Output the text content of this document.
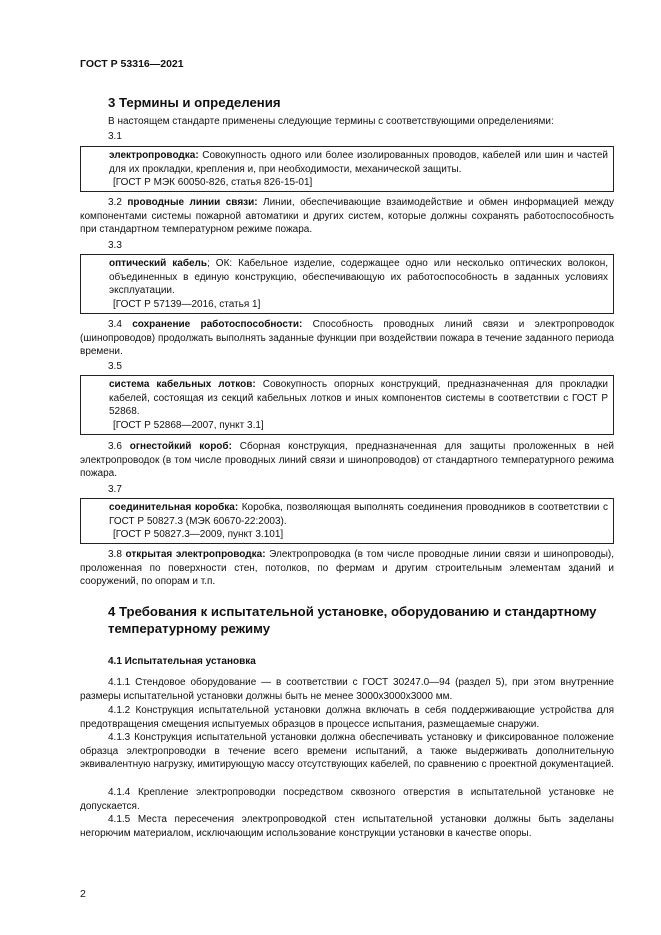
ГОСТ Р 53316—2021
3 Термины и определения
В настоящем стандарте применены следующие термины с соответствующими определениями:
3.1
электропроводка: Совокупность одного или более изолированных проводов, кабелей или шин и частей для их прокладки, крепления и, при необходимости, механической защиты.
[ГОСТ Р МЭК 60050-826, статья 826-15-01]

3.2 проводные линии связи: Линии, обеспечивающие взаимодействие и обмен информацией между компонентами системы пожарной автоматики и других систем, которые должны сохранять работоспособность при стандартном температурном режиме пожара.

3.3
оптический кабель; ОК: Кабельное изделие, содержащее одно или несколько оптических волокон, объединенных в единую конструкцию, обеспечивающую их работоспособность в заданных условиях эксплуатации.
[ГОСТ Р 57139—2016, статья 1]

3.4 сохранение работоспособности: Способность проводных линий связи и электропроводок (шинопроводов) продолжать выполнять заданные функции при воздействии пожара в течение заданного периода времени.

3.5
система кабельных лотков: Совокупность опорных конструкций, предназначенная для прокладки кабелей, состоящая из секций кабельных лотков и иных компонентов системы в соответствии с ГОСТ Р 52868.
[ГОСТ Р 52868—2007, пункт 3.1]

3.6 огнестойкий короб: Сборная конструкция, предназначенная для защиты проложенных в ней электропроводок (в том числе проводных линий связи и шинопроводов) от стандартного температурного режима пожара.

3.7
соединительная коробка: Коробка, позволяющая выполнять соединения проводников в соответствии с ГОСТ Р 50827.3 (МЭК 60670-22:2003).
[ГОСТ Р 50827.3—2009, пункт 3.101]

3.8 открытая электропроводка: Электропроводка (в том числе проводные линии связи и шинопроводы), проложенная по поверхности стен, потолков, по фермам и другим строительным элементам зданий и сооружений, по опорам и т.п.

4 Требования к испытательной установке, оборудованию и стандартному
температурному режиму
4.1 Испытательная установка

4.1.1 Стендовое оборудование — в соответствии с ГОСТ 30247.0—94 (раздел 5), при этом внутренние размеры испытательной установки должны быть не менее 3000x3000x3000 мм.

4.1.2 Конструкция испытательной установки должна включать в себя поддерживающие устройства для предотвращения смещения испытуемых образцов в процессе испытания, размещаемые снаружи.

4.1.3 Конструкция испытательной установки должна обеспечивать установку и фиксированное положение образца электропроводки в течение всего времени испытаний, а также выдерживать дополнительную эквивалентную нагрузку, имитирующую массу отсутствующих кабелей, по сравнению с проектной документацией.

4.1.4 Крепление электропроводки посредством сквозного отверстия в испытательной установке не допускается.

4.1.5 Места пересечения электропроводкой стен испытательной установки должны быть заделаны негорючим материалом, исключающим использование конструкции установки в качестве опоры.

2
